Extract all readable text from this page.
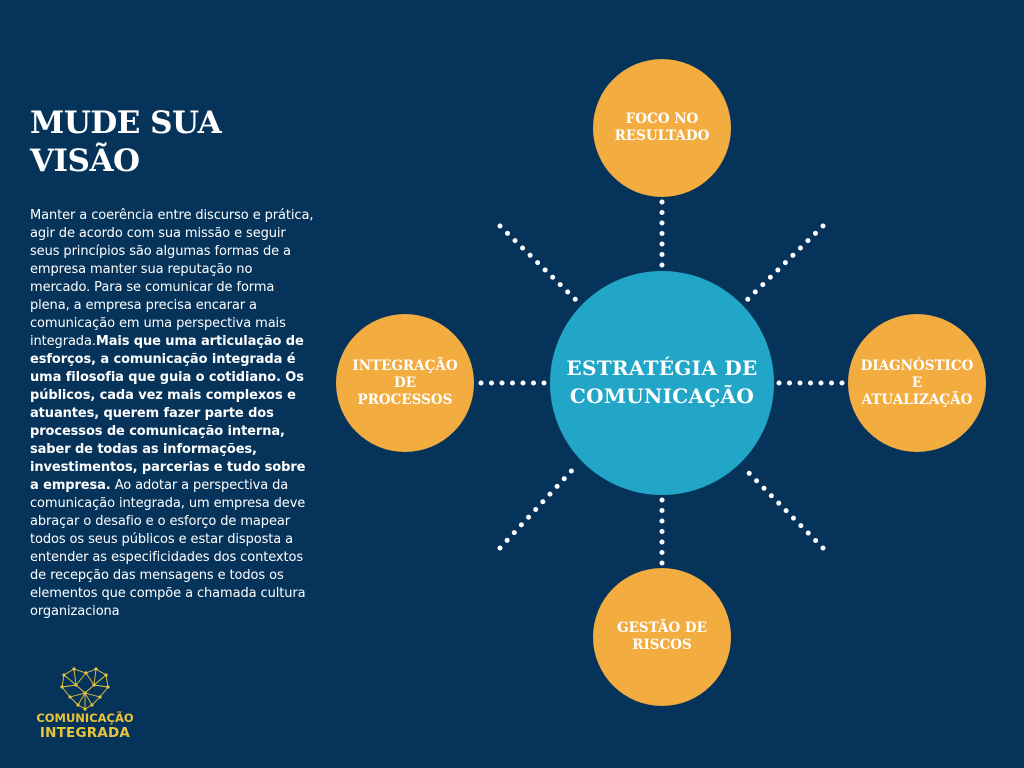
MUDE SUA
VISÃO
Manter a coerência entre discurso e prática, agir de acordo com sua missão e seguir seus princípios são algumas formas de a empresa manter sua reputação no mercado. Para se comunicar de forma plena, a empresa precisa encarar a comunicação em uma perspectiva mais integrada.Mais que uma articulação de esforços, a comunicação integrada é uma filosofia que guia o cotidiano. Os públicos, cada vez mais complexos e atuantes, querem fazer parte dos processos de comunicação interna, saber de todas as informações, investimentos, parcerias e tudo sobre a empresa. Ao adotar a perspectiva da comunicação integrada, um empresa deve abraçar o desafio e o esforço de mapear todos os seus públicos e estar disposta a entender as especificidades dos contextos de recepção das mensagens e todos os elementos que compõe a chamada cultura organizaciona
ESTRATÉGIA DE
COMUNICAÇÃO
FOCO NO
RESULTADO
GESTÃO DE
RISCOS
INTEGRAÇÃO
DE
PROCESSOS
DIAGNÓSTICO
E
ATUALIZAÇÃO
COMUNICAÇÃO
INTEGRADA
